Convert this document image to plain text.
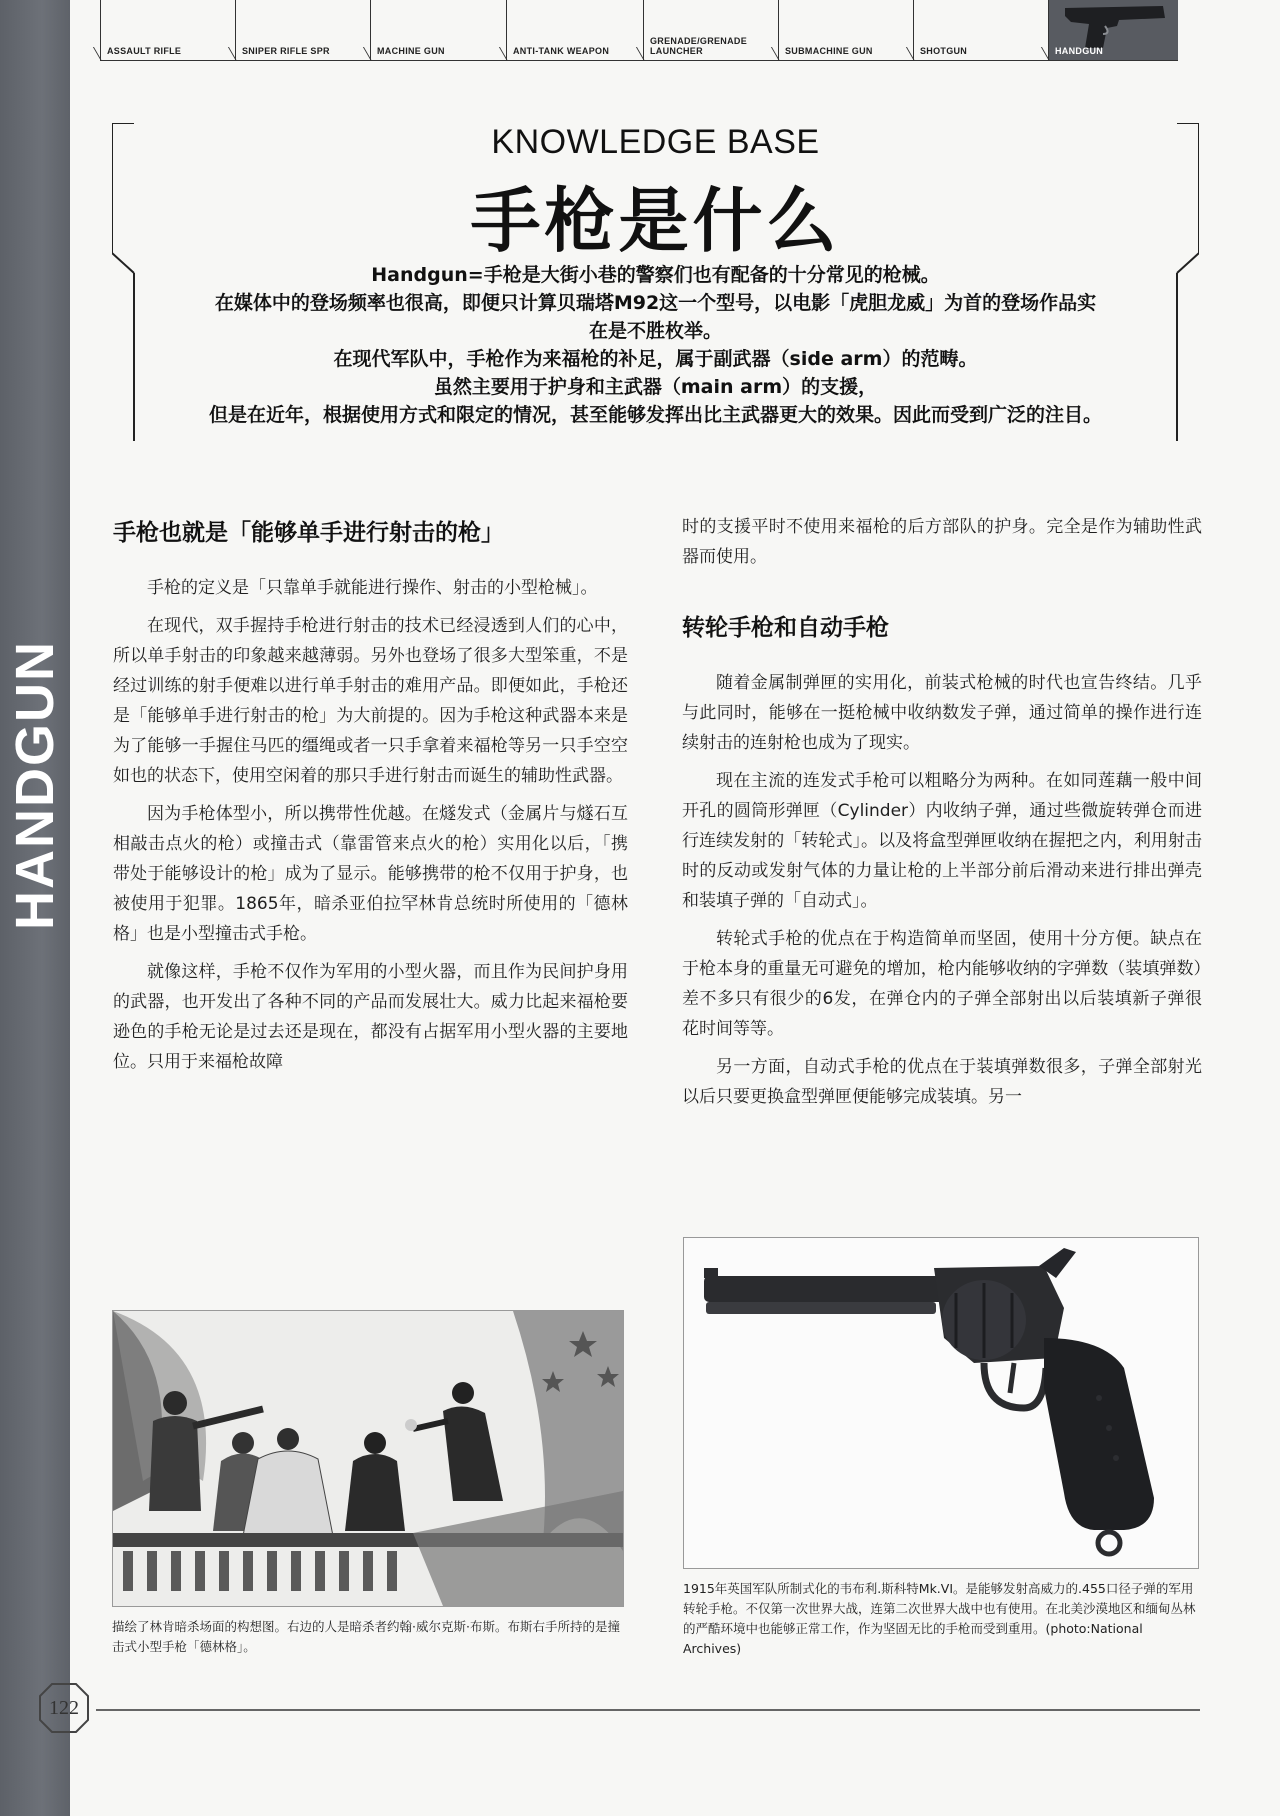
HANDGUN
ASSAULT RIFLE	SNIPER RIFLE SPR	MACHINE GUN	ANTI-TANK WEAPON
GRENADE/GRENADE LAUNCHER	SUBMACHINE GUN	SHOTGUN	HANDGUN
KNOWLEDGE BASE
手枪是什么
Handgun=手枪是大街小巷的警察们也有配备的十分常见的枪械。
在媒体中的登场频率也很高，即便只计算贝瑞塔M92这一个型号，以电影「虎胆龙威」为首的登场作品实
在是不胜枚举。
在现代军队中，手枪作为来福枪的补足，属于副武器（side arm）的范畴。
虽然主要用于护身和主武器（main arm）的支援，
但是在近年，根据使用方式和限定的情况，甚至能够发挥出比主武器更大的效果。因此而受到广泛的注目。
手枪也就是「能够单手进行射击的枪」

手枪的定义是「只靠单手就能进行操作、射击的小型枪械」。

在现代，双手握持手枪进行射击的技术已经浸透到人们的心中，所以单手射击的印象越来越薄弱。另外也登场了很多大型笨重，不是经过训练的射手便难以进行单手射击的难用产品。即便如此，手枪还是「能够单手进行射击的枪」为大前提的。因为手枪这种武器本来是为了能够一手握住马匹的缰绳或者一只手拿着来福枪等另一只手空空如也的状态下，使用空闲着的那只手进行射击而诞生的辅助性武器。

因为手枪体型小，所以携带性优越。在燧发式（金属片与燧石互相敲击点火的枪）或撞击式（靠雷管来点火的枪）实用化以后，「携带处于能够设计的枪」成为了显示。能够携带的枪不仅用于护身，也被使用于犯罪。1865年，暗杀亚伯拉罕林肯总统时所使用的「德林格」也是小型撞击式手枪。

就像这样，手枪不仅作为军用的小型火器，而且作为民间护身用的武器，也开发出了各种不同的产品而发展壮大。威力比起来福枪要逊色的手枪无论是过去还是现在，都没有占据军用小型火器的主要地位。只用于来福枪故障

时的支援平时不使用来福枪的后方部队的护身。完全是作为辅助性武器而使用。

转轮手枪和自动手枪

随着金属制弹匣的实用化，前装式枪械的时代也宣告终结。几乎与此同时，能够在一挺枪械中收纳数发子弹，通过简单的操作进行连续射击的连射枪也成为了现实。

现在主流的连发式手枪可以粗略分为两种。在如同莲藕一般中间开孔的圆筒形弹匣（Cylinder）内收纳子弹，通过些微旋转弹仓而进行连续发射的「转轮式」。以及将盒型弹匣收纳在握把之内，利用射击时的反动或发射气体的力量让枪的上半部分前后滑动来进行排出弹壳和装填子弹的「自动式」。

转轮式手枪的优点在于构造简单而坚固，使用十分方便。缺点在于枪本身的重量无可避免的增加，枪内能够收纳的字弹数（装填弹数）差不多只有很少的6发，在弹仓内的子弹全部射出以后装填新子弹很花时间等等。

另一方面，自动式手枪的优点在于装填弹数很多，子弹全部射光以后只要更换盒型弹匣便能够完成装填。另一

描绘了林肯暗杀场面的构想图。右边的人是暗杀者约翰·威尔克斯·布斯。布斯右手所持的是撞击式小型手枪「德林格」。
1915年英国军队所制式化的韦布利.斯科特Mk.VI。是能够发射高威力的.455口径子弹的军用转轮手枪。不仅第一次世界大战，连第二次世界大战中也有使用。在北美沙漠地区和缅甸丛林的严酷环境中也能够正常工作，作为坚固无比的手枪而受到重用。(photo:National Archives)
122
